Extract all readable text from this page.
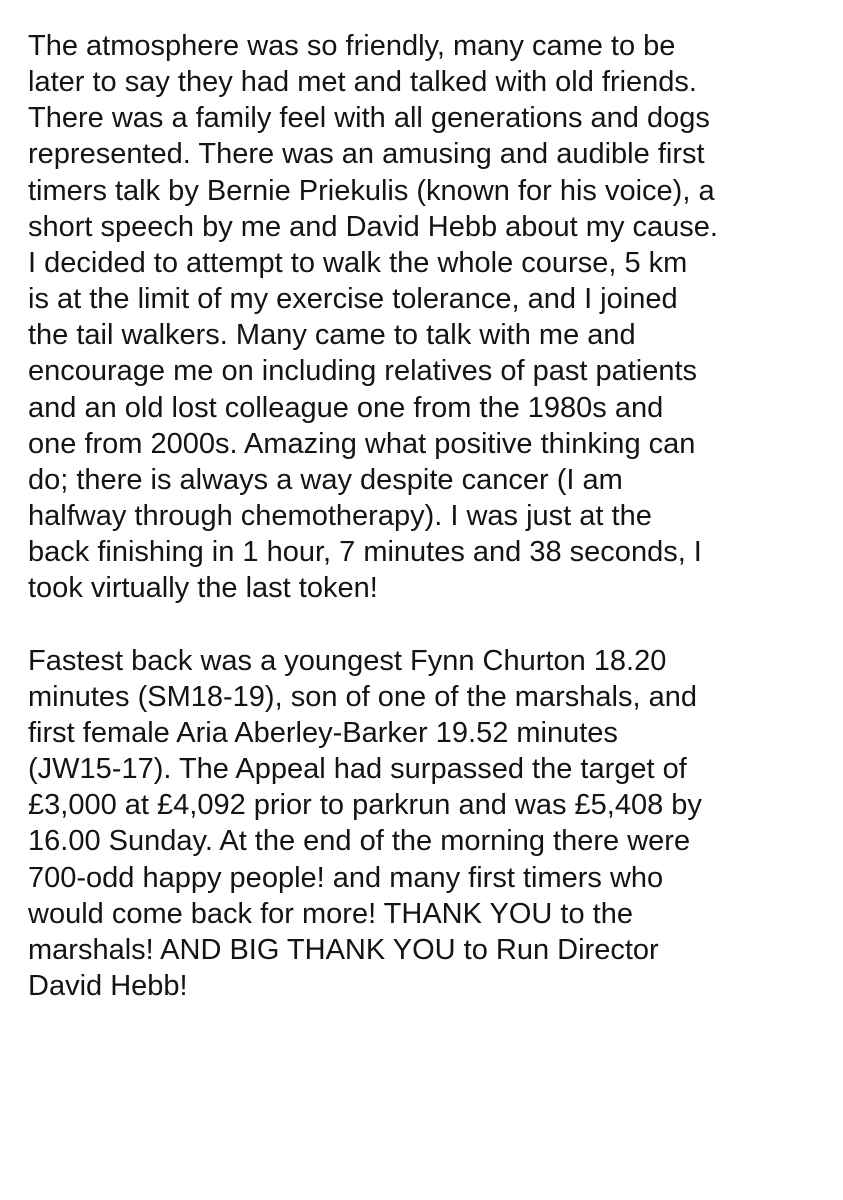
The atmosphere was so friendly, many came to be
later to say they had met and talked with old friends.
There was a family feel with all generations and dogs
represented. There was an amusing and audible first
timers talk by Bernie Priekulis (known for his voice), a
short speech by me and David Hebb about my cause.
I decided to attempt to walk the whole course, 5 km
is at the limit of my exercise tolerance, and I joined
the tail walkers. Many came to talk with me and
encourage me on including relatives of past patients
and an old lost colleague one from the 1980s and
one from 2000s. Amazing what positive thinking can
do; there is always a way despite cancer (I am
halfway through chemotherapy). I was just at the
back finishing in 1 hour, 7 minutes and 38 seconds, I
took virtually the last token!

Fastest back was a youngest Fynn Churton 18.20
minutes (SM18-19), son of one of the marshals, and
first female Aria Aberley-Barker 19.52 minutes
(JW15-17). The Appeal had surpassed the target of
£3,000 at £4,092 prior to parkrun and was £5,408 by
16.00 Sunday. At the end of the morning there were
700-odd happy people! and many first timers who
would come back for more! THANK YOU to the
marshals! AND BIG THANK YOU to Run Director
David Hebb!
